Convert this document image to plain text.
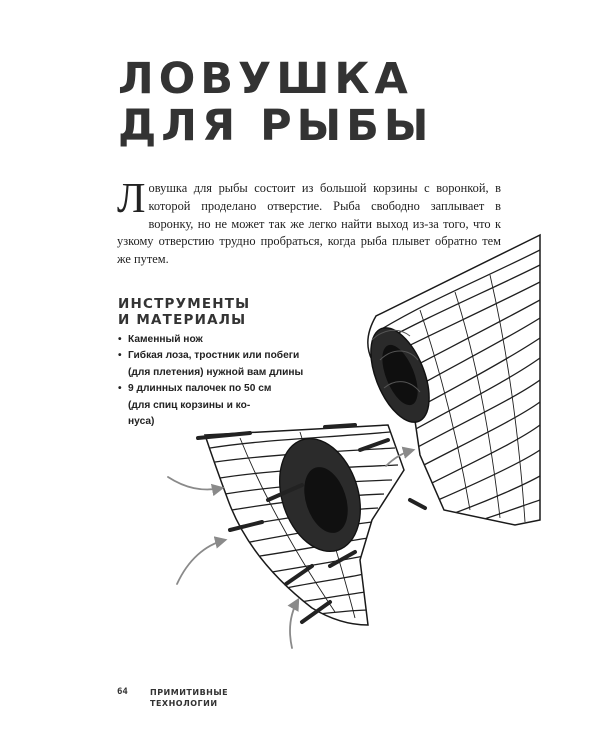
ЛОВУШКА
ДЛЯ РЫБЫ

Ловушка для рыбы состоит из большой корзины с воронкой, в которой проделано отверстие. Рыба свободно заплывает в воронку, но не может так же легко найти выход из-за того, что к узкому отверстию трудно пробраться, когда рыба плывет обратно тем же путем.

ИНСТРУМЕНТЫ
И МАТЕРИАЛЫ
• Каменный нож
• Гибкая лоза, тростник или побеги
(для плетения) нужной вам длины
• 9 длинных палочек по 50 см
(для спиц корзины и ко-
нуса)
64	ПРИМИТИВНЫЕ
ТЕХНОЛОГИИ
